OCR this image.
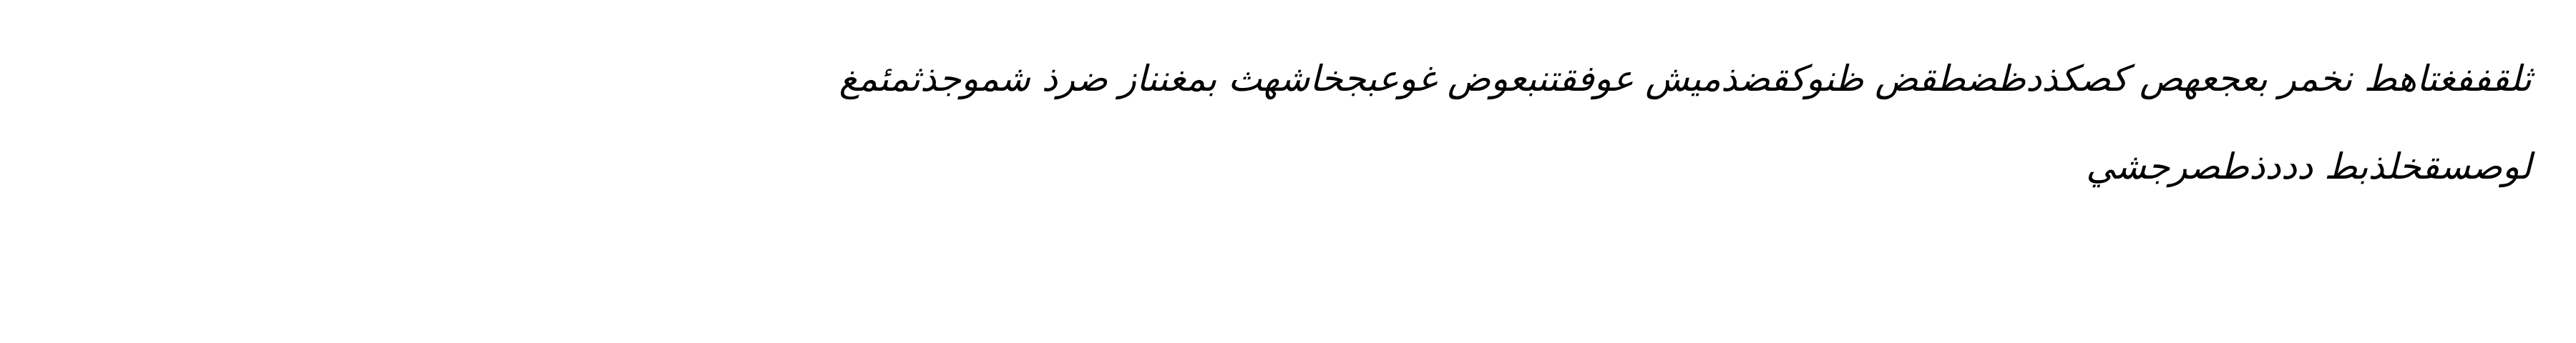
ثلقففغتاهط نخمر بعجعهص كصكذدظضطقض ظنوكقضذميش عوفقتنبعوض غوعبجخاشهث بمغنناز ضرذ شموجذثمئمغ
لوصسقخلذبط دددذطصرجشي
